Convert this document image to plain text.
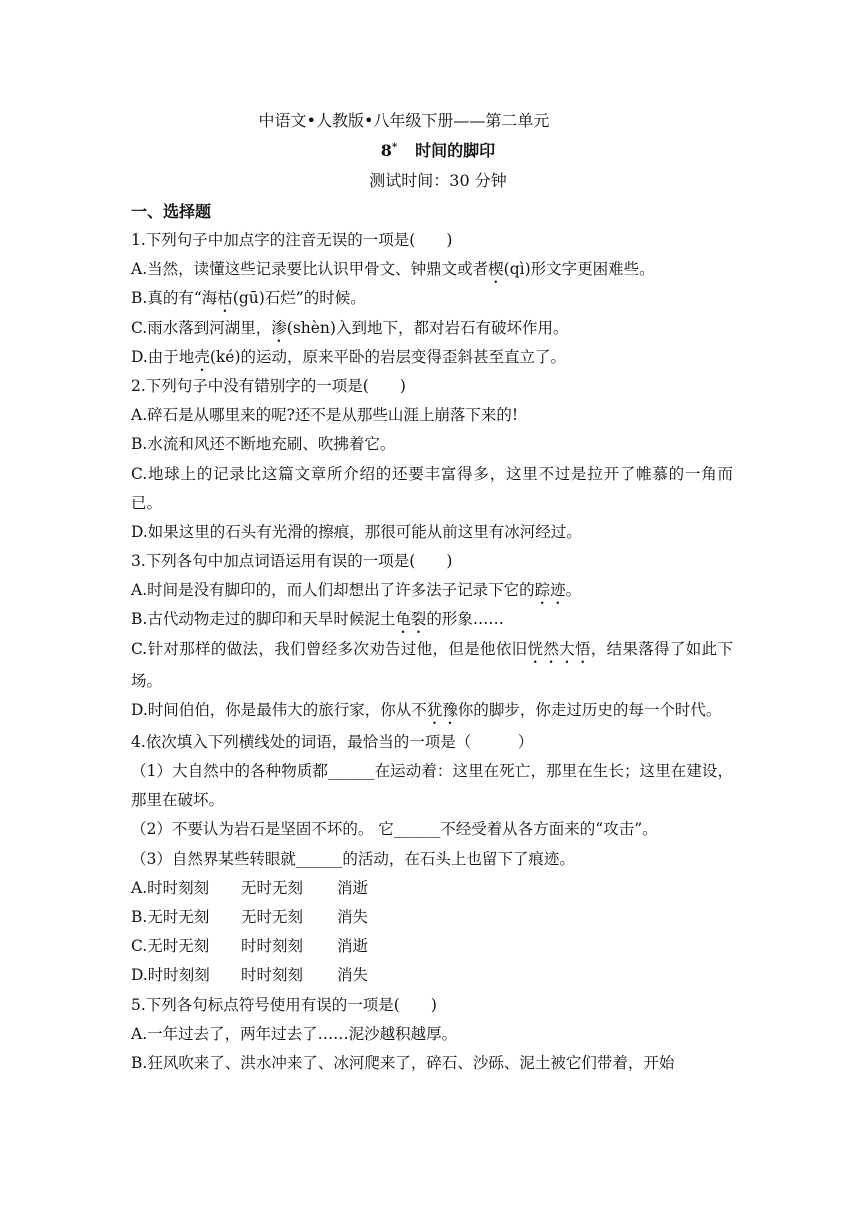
中语文•人教版•八年级下册——第二单元
8* 时间的脚印
测试时间：30 分钟
一、选择题
1.下列句子中加点字的注音无误的一项是(　　)
A.当然，读懂这些记录要比认识甲骨文、钟鼎文或者楔(qì)形文字更困难些。
B.真的有“海枯(gū)石烂”的时候。
C.雨水落到河湖里，渗(shèn)入到地下，都对岩石有破坏作用。
D.由于地壳(ké)的运动，原来平卧的岩层变得歪斜甚至直立了。
2.下列句子中没有错别字的一项是(　　)
A.碎石是从哪里来的呢?还不是从那些山涯上崩落下来的!
B.水流和风还不断地充刷、吹拂着它。
C.地球上的记录比这篇文章所介绍的还要丰富得多，这里不过是拉开了帷慕的一角而已。
D.如果这里的石头有光滑的擦痕，那很可能从前这里有冰河经过。
3.下列各句中加点词语运用有误的一项是(　　)
A.时间是没有脚印的，而人们却想出了许多法子记录下它的踪迹。
B.古代动物走过的脚印和天旱时候泥土龟裂的形象……
C.针对那样的做法，我们曾经多次劝告过他，但是他依旧恍然大悟，结果落得了如此下场。
D.时间伯伯，你是最伟大的旅行家，你从不犹豫你的脚步，你走过历史的每一个时代。
4.依次填入下列横线处的词语，最恰当的一项是（　　　）
（1）大自然中的各种物质都______在运动着：这里在死亡，那里在生长；这里在建设，那里在破坏。
（2）不要认为岩石是坚固不坏的。 它______不经受着从各方面来的“攻击”。
（3）自然界某些转眼就______的活动，在石头上也留下了痕迹。
A.时时刻刻 无时无刻 消逝
B.无时无刻 无时无刻 消失
C.无时无刻 时时刻刻 消逝
D.时时刻刻 时时刻刻 消失
5.下列各句标点符号使用有误的一项是(　　)
A.一年过去了，两年过去了……泥沙越积越厚。
B.狂风吹来了、洪水冲来了、冰河爬来了，碎石、沙砾、泥土被它们带着，开始
